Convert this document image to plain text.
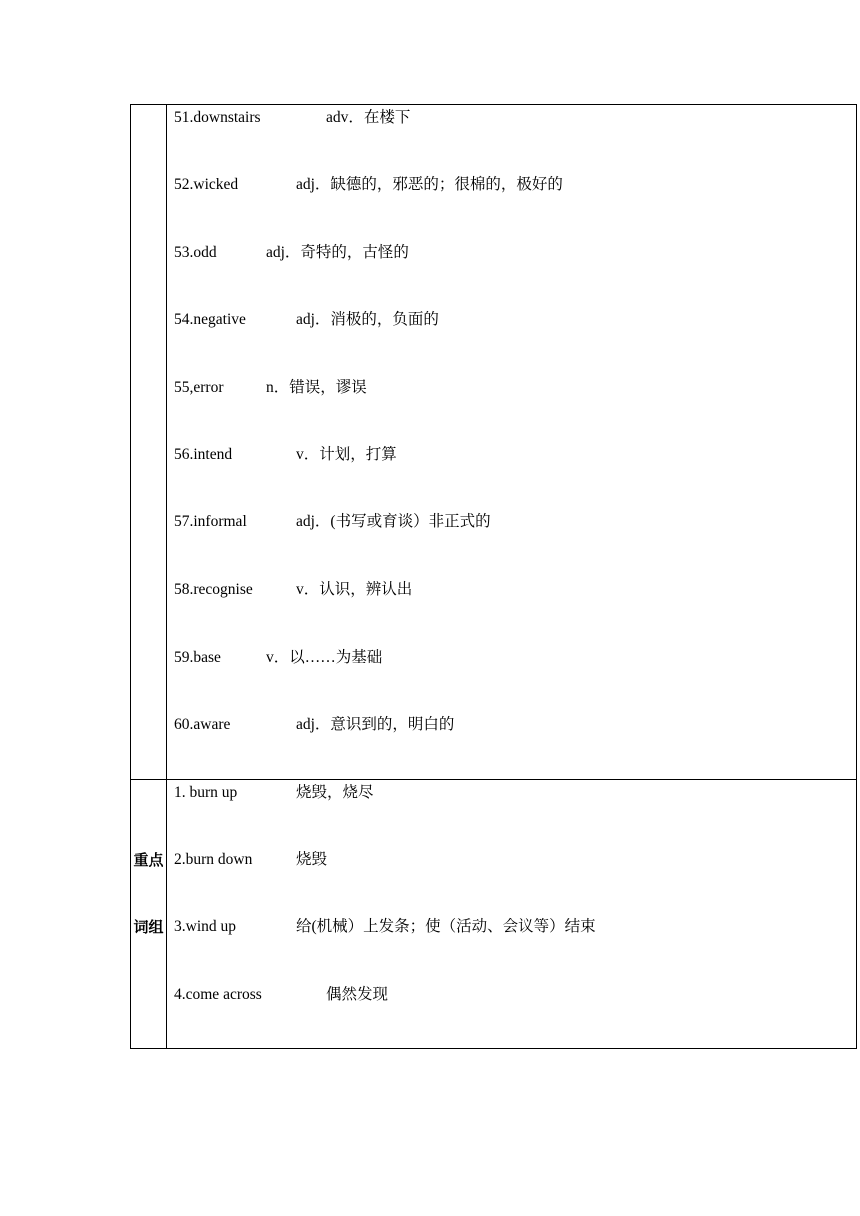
51.downstairs	adv．在楼下
52.wicked	adj．缺德的，邪恶的；很棉的，极好的
53.odd	adj．奇特的，古怪的
54.negative	adj．消极的，负面的
55,error	n．错误，谬误
56.intend	v．计划，打算
57.informal	adj．(书写或育谈）非正式的
58.recognise	v．认识，辨认出
59.base	v．以……为基础
60.aware	adj．意识到的，明白的
重点
词组
1. burn up	烧毁，烧尽
2.burn down	烧毁
3.wind up	给(机械）上发条；使（活动、会议等）结束
4.come across	偶然发现
